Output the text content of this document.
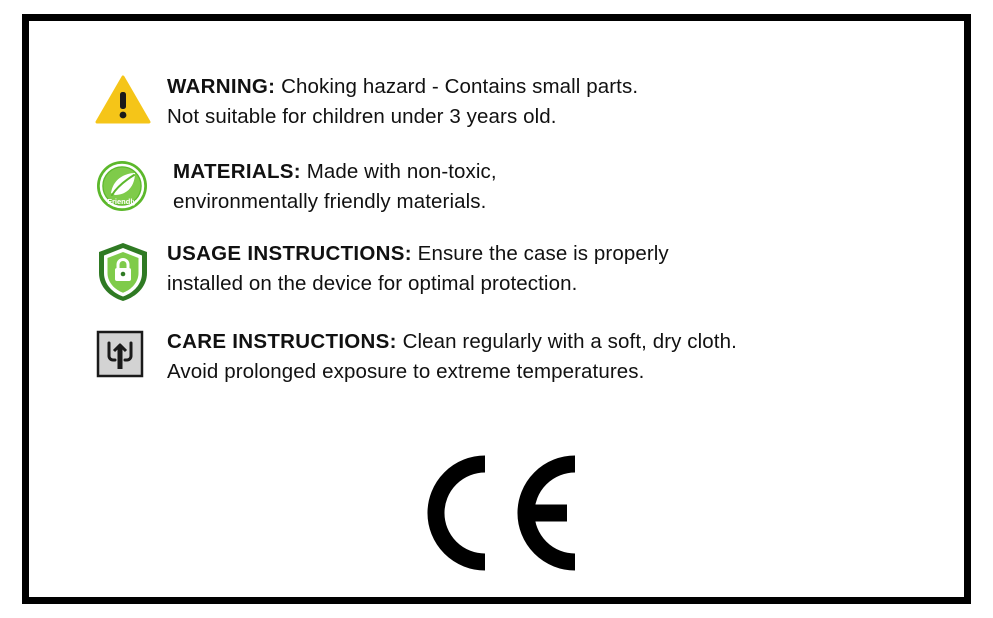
WARNING: Choking hazard - Contains small parts.
Not suitable for children under 3 years old.
Friendly
MATERIALS: Made with non-toxic,
environmentally friendly materials.
USAGE INSTRUCTIONS: Ensure the case is properly
installed on the device for optimal protection.
CARE INSTRUCTIONS: Clean regularly with a soft, dry cloth.
Avoid prolonged exposure to extreme temperatures.
